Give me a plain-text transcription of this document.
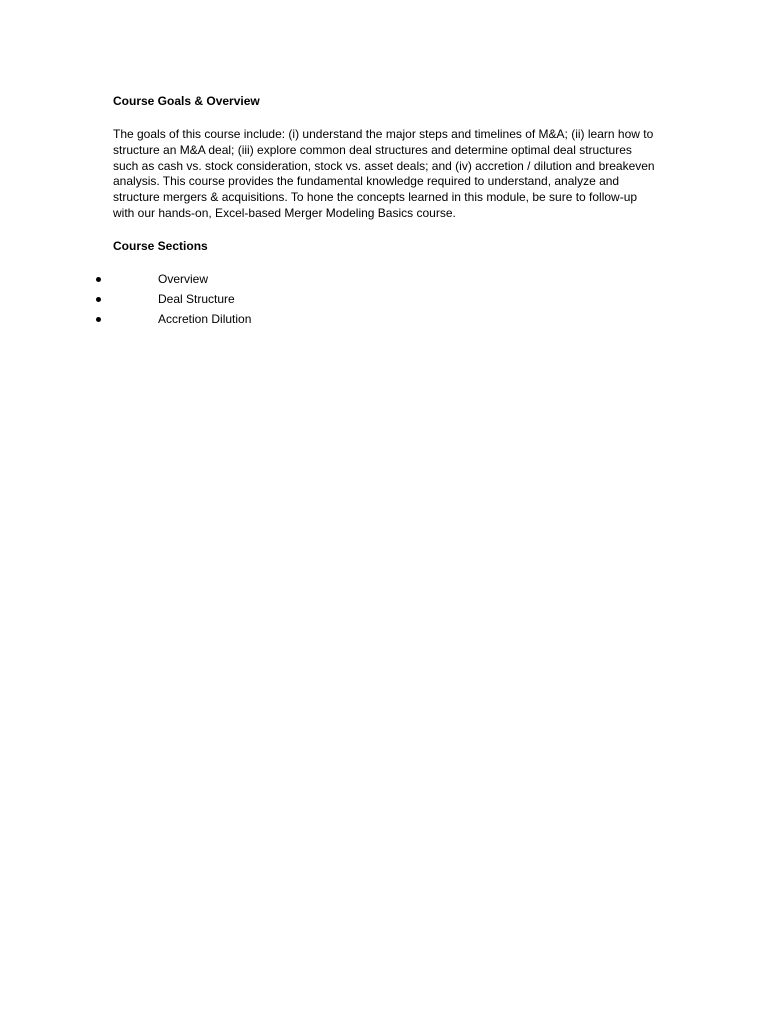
Course Goals & Overview
The goals of this course include: (i) understand the major steps and timelines of M&A; (ii) learn how to
structure an M&A deal; (iii) explore common deal structures and determine optimal deal structures
such as cash vs. stock consideration, stock vs. asset deals; and (iv) accretion / dilution and breakeven
analysis. This course provides the fundamental knowledge required to understand, analyze and
structure mergers & acquisitions. To hone the concepts learned in this module, be sure to follow-up
with our hands-on, Excel-based Merger Modeling Basics course.
Course Sections
Overview
Deal Structure
Accretion Dilution
